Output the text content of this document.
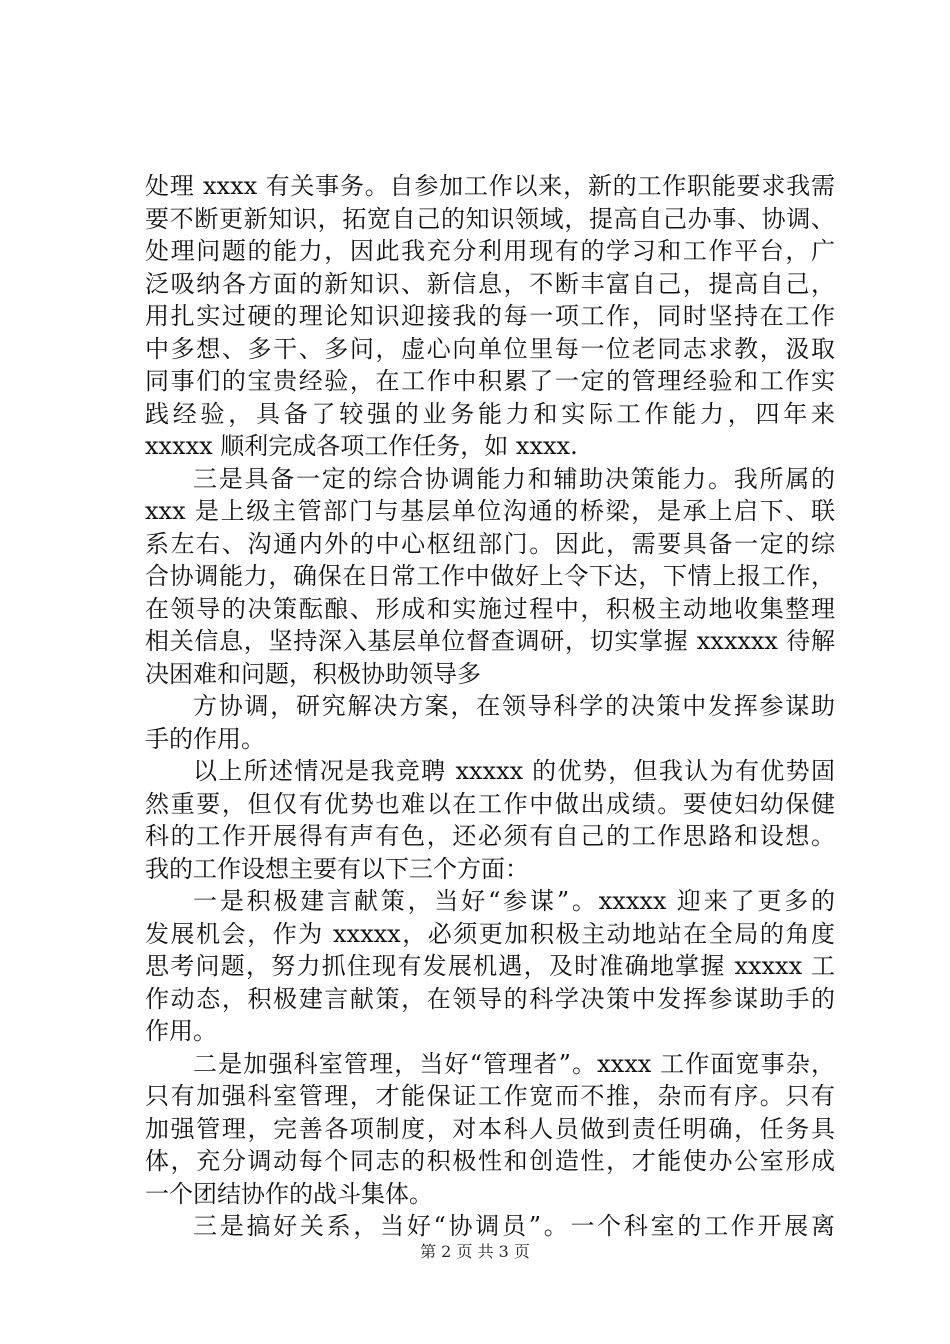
处理 xxxx 有关事务。自参加工作以来，新的工作职能要求我需
要不断更新知识，拓宽自己的知识领域，提高自己办事、协调、
处理问题的能力，因此我充分利用现有的学习和工作平台，广
泛吸纳各方面的新知识、新信息，不断丰富自己，提高自己，
用扎实过硬的理论知识迎接我的每一项工作，同时坚持在工作
中多想、多干、多问，虚心向单位里每一位老同志求教，汲取
同事们的宝贵经验，在工作中积累了一定的管理经验和工作实
践经验，具备了较强的业务能力和实际工作能力，四年来
xxxxx 顺利完成各项工作任务，如 xxxx.
三是具备一定的综合协调能力和辅助决策能力。我所属的
xxx 是上级主管部门与基层单位沟通的桥梁，是承上启下、联
系左右、沟通内外的中心枢纽部门。因此，需要具备一定的综
合协调能力，确保在日常工作中做好上令下达，下情上报工作，
在领导的决策酝酿、形成和实施过程中，积极主动地收集整理
相关信息，坚持深入基层单位督查调研，切实掌握 xxxxxx 待解
决困难和问题，积极协助领导多
方协调，研究解决方案，在领导科学的决策中发挥参谋助
手的作用。
以上所述情况是我竞聘 xxxxx 的优势，但我认为有优势固
然重要，但仅有优势也难以在工作中做出成绩。要使妇幼保健
科的工作开展得有声有色，还必须有自己的工作思路和设想。
我的工作设想主要有以下三个方面：
一是积极建言献策，当好“参谋”。xxxxx 迎来了更多的
发展机会，作为 xxxxx，必须更加积极主动地站在全局的角度
思考问题，努力抓住现有发展机遇，及时准确地掌握 xxxxx 工
作动态，积极建言献策，在领导的科学决策中发挥参谋助手的
作用。
二是加强科室管理，当好“管理者”。xxxx 工作面宽事杂，
只有加强科室管理，才能保证工作宽而不推，杂而有序。只有
加强管理，完善各项制度，对本科人员做到责任明确，任务具
体，充分调动每个同志的积极性和创造性，才能使办公室形成
一个团结协作的战斗集体。
三是搞好关系，当好“协调员”。一个科室的工作开展离
第 2 页 共 3 页
